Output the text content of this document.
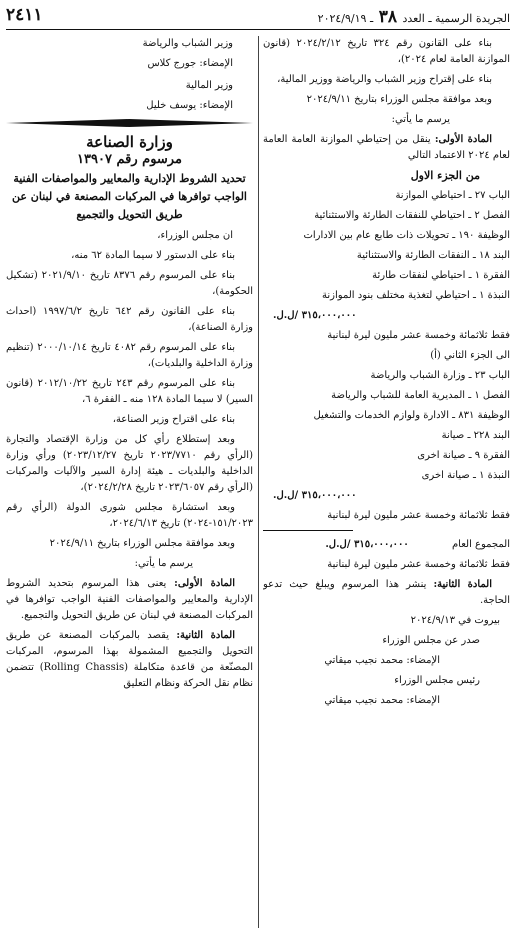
الجريدة الرسمية ـ العدد ٣٨ ـ ٢٠٢٤/٩/١٩
٢٤١١

بناء على القانون رقم ٣٢٤ تاريخ ٢٠٢٤/٢/١٢ (قانون الموازنة العامة لعام ٢٠٢٤)،

بناء على إقتراح وزير الشباب والرياضة ووزير المالية،

وبعد موافقة مجلس الوزراء بتاريخ ٢٠٢٤/٩/١١

يرسم ما يأتي:

المادة الأولى: ينقل من إحتياطي الموازنة العامة العامة لعام ٢٠٢٤ الاعتماد التالي

من الجزء الاول

الباب ٢٧ ـ احتياطي الموازنة

الفصل ٢ ـ احتياطي للنفقات الطارئة والاستثنائية

الوظيفة ١٩٠ ـ تحويلات ذات طابع عام بين الادارات

البند ١٨ ـ النفقات الطارئة والاستثنائية

الفقرة ١ ـ احتياطي لنفقات طارئة

النبذة ١ ـ احتياطي لتغذية مختلف بنود الموازنة

٣١٥،٠٠٠،٠٠٠ /ل.ل.

فقط ثلاثمائة وخمسة عشر مليون ليرة لبنانية

الى الجزء الثاني (أ)

الباب ٢٣ ـ وزارة الشباب والرياضة

الفصل ١ ـ المديرية العامة للشباب والرياضة

الوظيفة ٨٣١ ـ الادارة ولوازم الخدمات والتشغيل

البند ٢٢٨ ـ صيانة

الفقرة ٩ ـ صيانة اخرى

النبذة ١ ـ صيانة اخرى

٣١٥،٠٠٠،٠٠٠ /ل.ل.

فقط ثلاثمائة وخمسة عشر مليون ليرة لبنانية

المجموع العام ٣١٥،٠٠٠،٠٠٠ /ل.ل.

فقط ثلاثمائة وخمسة عشر مليون ليرة لبنانية

المادة الثانية: ينشر هذا المرسوم ويبلغ حيث تدعو الحاجة.

بيروت في ٢٠٢٤/٩/١٣

صدر عن مجلس الوزراء

الإمضاء: محمد نجيب ميقاتي

رئيس مجلس الوزراء

الإمضاء: محمد نجيب ميقاتي

وزير الشباب والرياضة

الإمضاء: جورج كلاس

وزير المالية

الإمضاء: يوسف خليل

وزارة الصناعة

مرسوم رقم ١٣٩٠٧

تحديد الشروط الإدارية والمعايير والمواصفات الفنية الواجب توافرها في المركبات المصنعة في لبنان عن طريق التحويل والتجميع

ان مجلس الوزراء،

بناء على الدستور لا سيما المادة ٦٢ منه،

بناء على المرسوم رقم ٨٣٧٦ تاريخ ٢٠٢١/٩/١٠ (تشكيل الحكومة)،

بناء على القانون رقم ٦٤٢ تاريخ ١٩٩٧/٦/٢ (احداث وزارة الصناعة)،

بناء على المرسوم رقم ٤٠٨٢ تاريخ ٢٠٠٠/١٠/١٤ (تنظيم وزارة الداخلية والبلديات)،

بناء على المرسوم رقم ٢٤٣ تاريخ ٢٠١٢/١٠/٢٢ (قانون السير) لا سيما المادة ١٢٨ منه ـ الفقرة ٦،

بناء على اقتراح وزير الصناعة،

وبعد إستطلاع رأي كل من وزارة الإقتصاد والتجارة (الرأي رقم ٢٠٢٣/٧٧١٠ تاريخ ٢٠٢٣/١٢/٢٧) ورأي وزارة الداخلية والبلديات ـ هيئة إدارة السير والآليات والمركبات (الرأي رقم ٢٠٢٣/٦٠٥٧ تاريخ ٢٠٢٤/٢/٢٨)،

وبعد استشارة مجلس شورى الدولة (الرأي رقم ١٥١/٢٠٢٣-٢٠٢٤) تاريخ ٢٠٢٤/٦/١٣،

وبعد موافقة مجلس الوزراء بتاريخ ٢٠٢٤/٩/١١

يرسم ما يأتي:

المادة الأولى: يعنى هذا المرسوم بتحديد الشروط الإدارية والمعايير والمواصفات الفنية الواجب توافرها في المركبات المصنعة في لبنان عن طريق التحويل والتجميع.

المادة الثانية: يقصد بالمركبات المصنعة عن طريق التحويل والتجميع المشمولة بهذا المرسوم، المركبات المصنّعة من قاعدة متكاملة (Rolling Chassis) تتضمن نظام نقل الحركة ونظام التعليق
